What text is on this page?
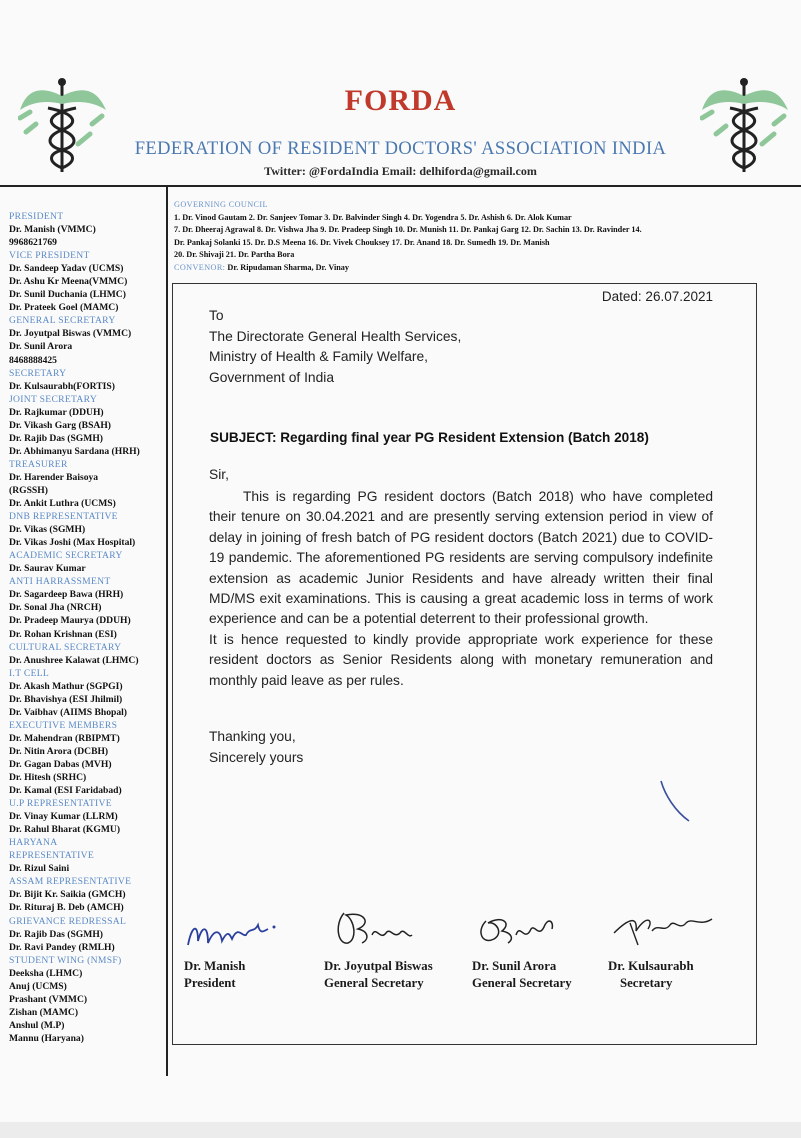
FORDA
FEDERATION OF RESIDENT DOCTORS' ASSOCIATION INDIA
Twitter: @FordaIndia Email: delhiforda@gmail.com
PRESIDENT
Dr. Manish (VMMC)
9968621769
VICE PRESIDENT
Dr. Sandeep Yadav (UCMS)
Dr. Ashu Kr Meena(VMMC)
Dr. Sunil Duchania (LHMC)
Dr. Prateek Goel (MAMC)
GENERAL SECRETARY
Dr. Joyutpal Biswas (VMMC)
Dr. Sunil Arora
8468888425
SECRETARY
Dr. Kulsaurabh(FORTIS)
JOINT SECRETARY
Dr. Rajkumar (DDUH)
Dr. Vikash Garg (BSAH)
Dr. Rajib Das (SGMH)
Dr. Abhimanyu Sardana (HRH)
TREASURER
Dr. Harender Baisoya
(RGSSH)
Dr. Ankit Luthra (UCMS)
DNB REPRESENTATIVE
Dr. Vikas (SGMH)
Dr. Vikas Joshi (Max Hospital)
ACADEMIC SECRETARY
Dr. Saurav Kumar
ANTI HARRASSMENT
Dr. Sagardeep Bawa (HRH)
Dr. Sonal Jha (NRCH)
Dr. Pradeep Maurya (DDUH)
Dr. Rohan Krishnan (ESI)
CULTURAL SECRETARY
Dr. Anushree Kalawat (LHMC)
I.T CELL
Dr. Akash Mathur (SGPGI)
Dr. Bhavishya (ESI Jhilmil)
Dr. Vaibhav (AIIMS Bhopal)
EXECUTIVE MEMBERS
Dr. Mahendran (RBIPMT)
Dr. Nitin Arora (DCBH)
Dr. Gagan Dabas (MVH)
Dr. Hitesh (SRHC)
Dr. Kamal (ESI Faridabad)
U.P REPRESENTATIVE
Dr. Vinay Kumar (LLRM)
Dr. Rahul Bharat (KGMU)
HARYANA
REPRESENTATIVE
Dr. Rizul Saini
ASSAM REPRESENTATIVE
Dr. Bijit Kr. Saikia (GMCH)
Dr. Rituraj B. Deb (AMCH)
GRIEVANCE REDRESSAL
Dr. Rajib Das (SGMH)
Dr. Ravi Pandey (RMLH)
STUDENT WING (NMSF)
Deeksha (LHMC)
Anuj (UCMS)
Prashant (VMMC)
Zishan (MAMC)
Anshul (M.P)
Mannu (Haryana)
GOVERNING COUNCIL
1. Dr. Vinod Gautam 2. Dr. Sanjeev Tomar 3. Dr. Balvinder Singh 4. Dr. Yogendra 5. Dr. Ashish 6. Dr. Alok Kumar
7. Dr. Dheeraj Agrawal 8. Dr. Vishwa Jha 9. Dr. Pradeep Singh 10. Dr. Munish 11. Dr. Pankaj Garg 12. Dr. Sachin 13. Dr. Ravinder 14.
Dr. Pankaj Solanki 15. Dr. D.S Meena 16. Dr. Vivek Chouksey 17. Dr. Anand 18. Dr. Sumedh 19. Dr. Manish
20. Dr. Shivaji 21. Dr. Partha Bora
CONVENOR: Dr. Ripudaman Sharma, Dr. Vinay
Dated: 26.07.2021
To
The Directorate General Health Services,
Ministry of Health & Family Welfare,
Government of India
SUBJECT: Regarding final year PG Resident Extension (Batch 2018)
Sir,

This is regarding PG resident doctors (Batch 2018) who have completed their tenure on 30.04.2021 and are presently serving extension period in view of delay in joining of fresh batch of PG resident doctors (Batch 2021) due to COVID-19 pandemic. The aforementioned PG residents are serving compulsory indefinite extension as academic Junior Residents and have already written their final MD/MS exit examinations. This is causing a great academic loss in terms of work experience and can be a potential deterrent to their professional growth.

It is hence requested to kindly provide appropriate work experience for these resident doctors as Senior Residents along with monetary remuneration and monthly paid leave as per rules.

Thanking you,
Sincerely yours
Dr. Manish
President
Dr. Joyutpal Biswas
General Secretary
Dr. Sunil Arora
General Secretary
Dr. Kulsaurabh
Secretary
